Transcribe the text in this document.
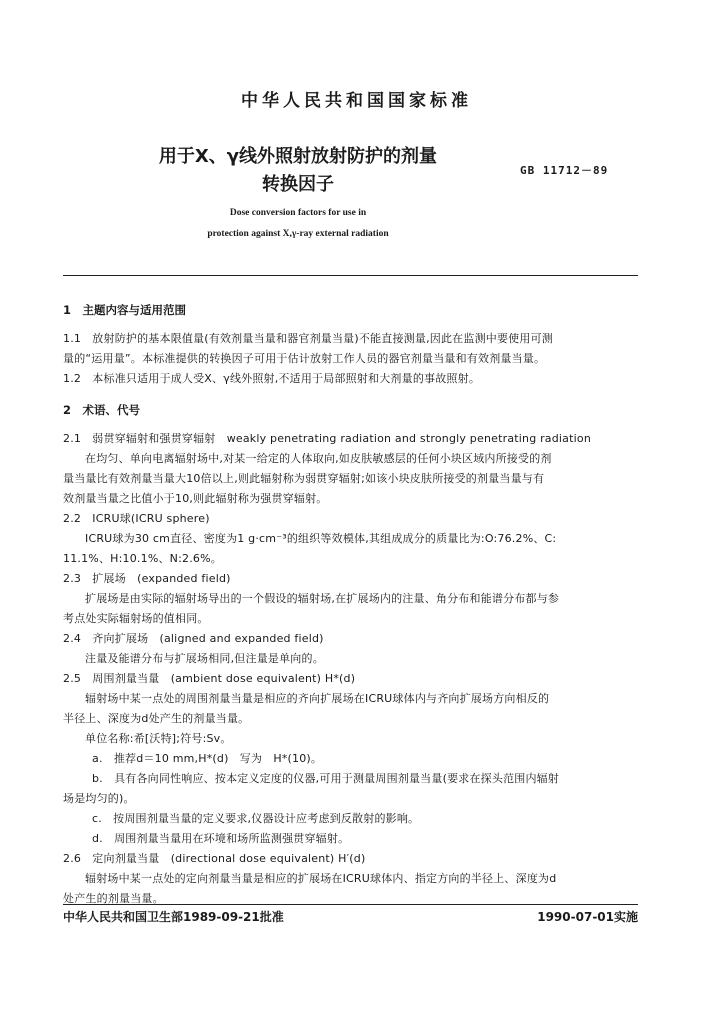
中华人民共和国国家标准
用于X、γ线外照射放射防护的剂量
转换因子
GB 11712－89
Dose conversion factors for use in
protection against X,γ-ray external radiation
1　主题内容与适用范围
1.1　放射防护的基本限值量(有效剂量当量和器官剂量当量)不能直接测量,因此在监测中要使用可测
量的“运用量”。本标准提供的转换因子可用于估计放射工作人员的器官剂量当量和有效剂量当量。
1.2　本标准只适用于成人受X、γ线外照射,不适用于局部照射和大剂量的事故照射。
2　术语、代号
2.1　弱贯穿辐射和强贯穿辐射　weakly penetrating radiation and strongly penetrating radiation
在均匀、单向电离辐射场中,对某一给定的人体取向,如皮肤敏感层的任何小块区域内所接受的剂
量当量比有效剂量当量大10倍以上,则此辐射称为弱贯穿辐射;如该小块皮肤所接受的剂量当量与有
效剂量当量之比值小于10,则此辐射称为强贯穿辐射。
2.2　ICRU球(ICRU sphere)
ICRU球为30 cm直径、密度为1 g·cm⁻³的组织等效模体,其组成成分的质量比为:O:76.2%、C:
11.1%、H:10.1%、N:2.6%。
2.3　扩展场　(expanded field)
扩展场是由实际的辐射场导出的一个假设的辐射场,在扩展场内的注量、角分布和能谱分布都与参
考点处实际辐射场的值相同。
2.4　齐向扩展场　(aligned and expanded field)
注量及能谱分布与扩展场相同,但注量是单向的。
2.5　周围剂量当量　(ambient dose equivalent) H*(d)
辐射场中某一点处的周围剂量当量是相应的齐向扩展场在ICRU球体内与齐向扩展场方向相反的
半径上、深度为d处产生的剂量当量。
单位名称:希[沃特];符号:Sv。
a.　推荐d＝10 mm,H*(d)　写为　H*(10)。
b.　具有各向同性响应、按本定义定度的仪器,可用于测量周围剂量当量(要求在探头范围内辐射
场是均匀的)。
c.　按周围剂量当量的定义要求,仪器设计应考虑到反散射的影响。
d.　周围剂量当量用在环境和场所监测强贯穿辐射。
2.6　定向剂量当量　(directional dose equivalent) H′(d)
辐射场中某一点处的定向剂量当量是相应的扩展场在ICRU球体内、指定方向的半径上、深度为d
处产生的剂量当量。
中华人民共和国卫生部1989-09-21批准	1990-07-01实施
